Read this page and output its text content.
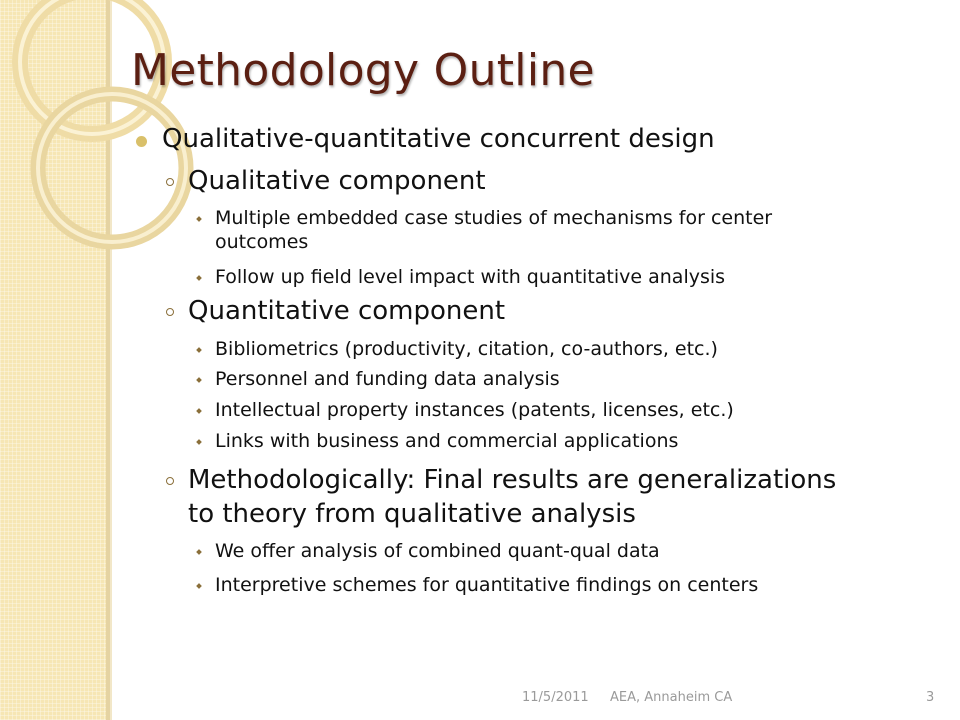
Methodology Outline
Qualitative-quantitative concurrent design
Qualitative component
Multiple embedded case studies of mechanisms for center
outcomes
Follow up field level impact with quantitative analysis
Quantitative component
Bibliometrics (productivity, citation, co-authors, etc.)
Personnel and funding data analysis
Intellectual property instances (patents, licenses, etc.)
Links with business and commercial applications
Methodologically: Final results are generalizations
to theory from qualitative analysis
We offer analysis of combined quant-qual data
Interpretive schemes for quantitative findings on centers
11/5/2011 AEA, Annaheim CA	3
